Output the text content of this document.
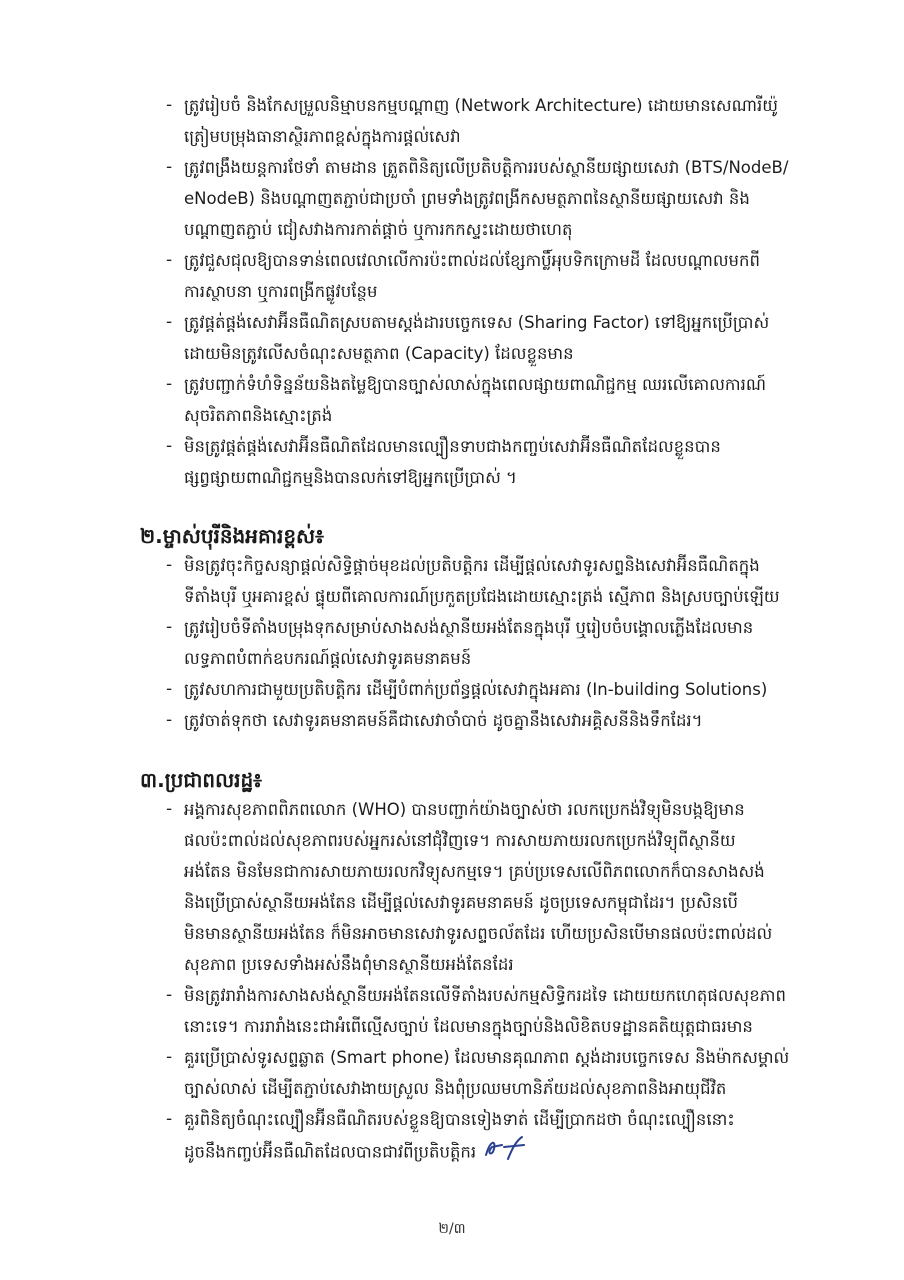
- ត្រូវរៀបចំ និងកែសម្រួលនិម្មាបនកម្មបណ្ដាញ (Network Architecture) ដោយមានសេណារីយ៉ូ
ត្រៀមបម្រុងធានាស្ថិរភាពខ្ពស់ក្នុងការផ្ដល់សេវា
- ត្រូវពង្រឹងយន្តការថែទាំ តាមដាន ត្រួតពិនិត្យលើប្រតិបត្តិការរបស់ស្ថានីយផ្សាយសេវា (BTS/NodeB/
eNodeB) និងបណ្ដាញតភ្ជាប់ជាប្រចាំ ព្រមទាំងត្រូវពង្រីកសមត្ថភាពនៃស្ថានីយផ្សាយសេវា និង
បណ្ដាញតភ្ជាប់ ជៀសវាងការកាត់ផ្ដាច់ ឬការកកស្ទះដោយថាហេតុ
- ត្រូវជួសជុលឱ្យបានទាន់ពេលវេលាលើការប៉ះពាល់ដល់ខ្សែកាប្លិ៍អុបទិកក្រោមដី ដែលបណ្ដាលមកពី
ការស្ថាបនា ឬការពង្រីកផ្លូវបន្ថែម
- ត្រូវផ្ដត់ផ្ដង់សេវាអ៊ីនធឺណិតស្របតាមស្តង់ដារបច្ចេកទេស (Sharing Factor) ទៅឱ្យអ្នកប្រើប្រាស់
ដោយមិនត្រូវលើសចំណុះសមត្ថភាព (Capacity) ដែលខ្លួនមាន
- ត្រូវបញ្ជាក់ទំហំទិន្នន័យនិងតម្លៃឱ្យបានច្បាស់លាស់ក្នុងពេលផ្សាយពាណិជ្ជកម្ម ឈរលើគោលការណ៍
សុចរិតភាពនិងស្មោះត្រង់
- មិនត្រូវផ្ដត់ផ្ដង់សេវាអ៊ីនធឺណិតដែលមានល្បឿនទាបជាងកញ្ចប់សេវាអ៊ីនធឺណិតដែលខ្លួនបាន
ផ្សព្វផ្សាយពាណិជ្ជកម្មនិងបានលក់ទៅឱ្យអ្នកប្រើប្រាស់ ។
២.ម្ចាស់បុរីនិងអគារខ្ពស់៖
- មិនត្រូវចុះកិច្ចសន្យាផ្ដល់សិទ្ធិផ្ដាច់មុខដល់ប្រតិបត្តិករ ដើម្បីផ្ដល់សេវាទូរសព្ទនិងសេវាអ៊ីនធឺណិតក្នុង
ទីតាំងបុរី ឬអគារខ្ពស់ ផ្ទុយពីគោលការណ៍ប្រកួតប្រជែងដោយស្មោះត្រង់ ស្មើភាព និងស្របច្បាប់ឡើយ
- ត្រូវរៀបចំទីតាំងបម្រុងទុកសម្រាប់សាងសង់ស្ថានីយអង់តែនក្នុងបុរី ឬរៀបចំបង្គោលភ្លើងដែលមាន
លទ្ធភាពបំពាក់ឧបករណ៍ផ្ដល់សេវាទូរគមនាគមន៍
- ត្រូវសហការជាមួយប្រតិបត្តិករ ដើម្បីបំពាក់ប្រព័ន្ធផ្ដល់សេវាក្នុងអគារ (In-building Solutions)
- ត្រូវចាត់ទុកថា សេវាទូរគមនាគមន៍គឺជាសេវាចាំបាច់ ដូចគ្នានឹងសេវាអគ្គិសនីនិងទឹកដែរ។
៣.ប្រជាពលរដ្ឋ៖
- អង្គការសុខភាពពិភពលោក (WHO) បានបញ្ជាក់យ៉ាងច្បាស់ថា រលកប្រេកង់វិទ្យុមិនបង្កឱ្យមាន
ផលប៉ះពាល់ដល់សុខភាពរបស់អ្នករស់នៅជុំវិញទេ។ ការសាយភាយរលកប្រេកង់វិទ្យុពីស្ថានីយ
អង់តែន មិនមែនជាការសាយភាយរលកវិទ្យុសកម្មទេ។ គ្រប់ប្រទេសលើពិភពលោកក៏បានសាងសង់
និងប្រើប្រាស់ស្ថានីយអង់តែន ដើម្បីផ្ដល់សេវាទូរគមនាគមន៍ ដូចប្រទេសកម្ពុជាដែរ។ ប្រសិនបើ
មិនមានស្ថានីយអង់តែន ក៏មិនអាចមានសេវាទូរសព្ទចល័តដែរ ហើយប្រសិនបើមានផលប៉ះពាល់ដល់
សុខភាព ប្រទេសទាំងអស់នឹងពុំមានស្ថានីយអង់តែនដែរ
- មិនត្រូវរារាំងការសាងសង់ស្ថានីយអង់តែនលើទីតាំងរបស់កម្មសិទ្ធិករដទៃ ដោយយកហេតុផលសុខភាព
នោះទេ។ ការរារាំងនេះជាអំពើល្មើសច្បាប់ ដែលមានក្នុងច្បាប់និងលិខិតបទដ្ឋានគតិយុត្តជាធរមាន
- គួរប្រើប្រាស់ទូរសព្ទឆ្លាត (Smart phone) ដែលមានគុណភាព ស្តង់ដារបច្ចេកទេស និងម៉ាកសម្គាល់
ច្បាស់លាស់ ដើម្បីតភ្ជាប់សេវាងាយស្រួល និងពុំប្រឈមហានិភ័យដល់សុខភាពនិងអាយុជីវិត
- គួរពិនិត្យចំណុះល្បឿនអ៊ីនធឺណិតរបស់ខ្លួនឱ្យបានទៀងទាត់ ដើម្បីប្រាកដថា ចំណុះល្បឿននោះ
ដូចនឹងកញ្ចប់អ៊ីនធឺណិតដែលបានជាវពីប្រតិបត្តិករ
២/៣
